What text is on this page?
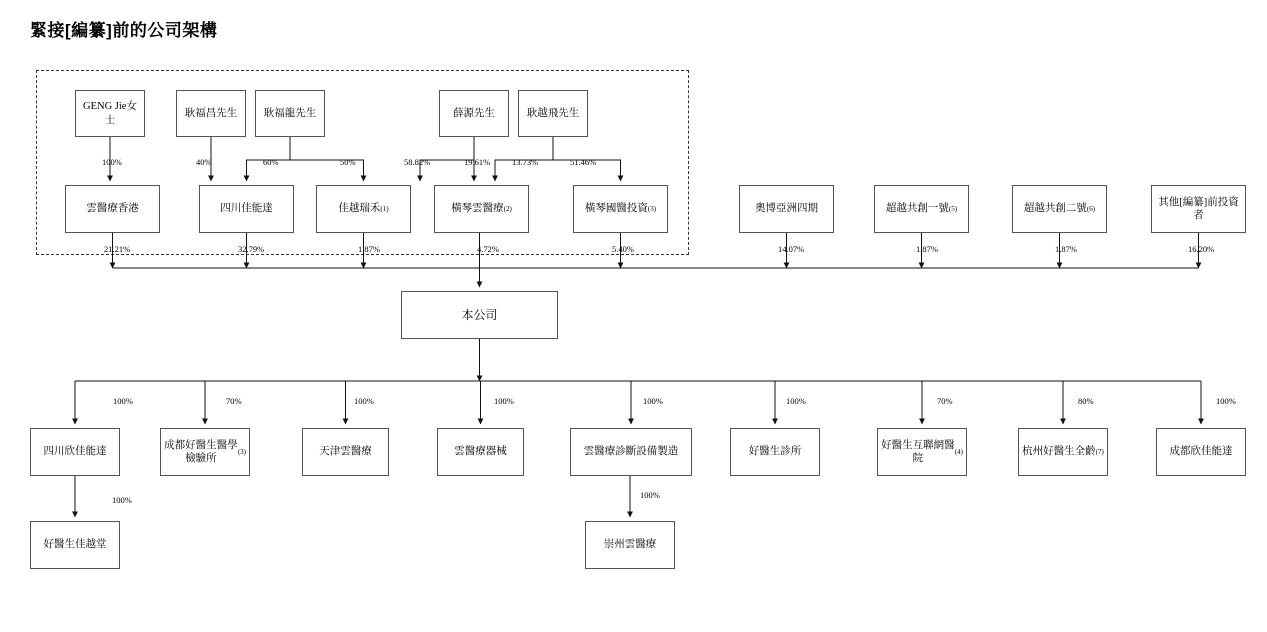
緊接[編纂]前的公司架構
GENG Jie女士
耿福昌先生	耿福龍先生	薛源先生	耿越飛先生
雲醫療香港	四川佳能達	佳越瑞禾 (1)	橫琴雲醫療 (2)	橫琴國醫投資 (3)	奧博亞洲四期	超越共創一號 (5)	超越共創二號 (6)
其他[編纂]前投資者
本公司
四川欣佳能達
成都好醫生醫學檢驗所
(3)	天津雲醫療	雲醫療器械	雲醫療診斷設備製造	好醫生診所
好醫生互聯網醫院
(4)	杭州好醫生全齡 (7)	成都欣佳能達
好醫生佳越堂	崇州雲醫療
100%	40%	60%	50%	58.82%	19.61%	13.73%	51.46%
21.21%	32.79%	1.87%	4.72%	5.40%	14.07%	1.87%	1.87%	16.20%
100%	70%	100%	100%	100%	100%	70%	80%	100%
100%	100%
